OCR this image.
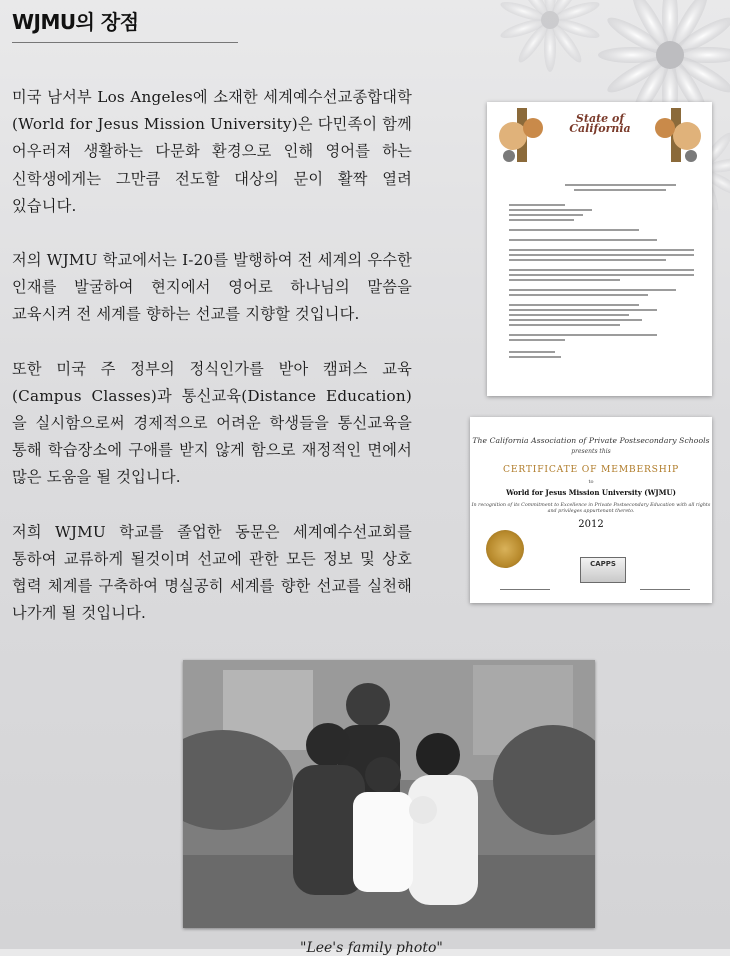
WJMU의 장점

미국 남서부 Los Angeles에 소재한 세계예수선교종합대학(World for Jesus Mission University)은 다민족이 함께 어우러져 생활하는 다문화 환경으로 인해 영어를 하는 신학생에게는 그만큼 전도할 대상의 문이 활짝 열려 있습니다.

저의 WJMU 학교에서는 I-20를 발행하여 전 세계의 우수한 인재를 발굴하여 현지에서 영어로 하나님의 말씀을 교육시켜 전 세계를 향하는 선교를 지향할 것입니다.

또한 미국 주 정부의 정식인가를 받아 캠퍼스 교육(Campus Classes)과 통신교육(Distance Education)을 실시함으로써 경제적으로 어려운 학생들을 통신교육을 통해 학습장소에 구애를 받지 않게 함으로 재정적인 면에서 많은 도움을 될 것입니다.

저희 WJMU 학교를 졸업한 동문은 세계예수선교회를 통하여 교류하게 될것이며 선교에 관한 모든 정보 및 상호 협력 체계를 구축하여 명실공히 세계를 향한 선교를 실천해 나가게 될 것입니다.

State of California
The California Association of Private Postsecondary Schools
presents this
CERTIFICATE OF MEMBERSHIP
to
World for Jesus Mission University (WJMU)
In recognition of its Commitment to Excellence in Private Postsecondary Education with all rights and privileges appurtenant thereto.
2012
CAPPS
"Lee's family photo"
